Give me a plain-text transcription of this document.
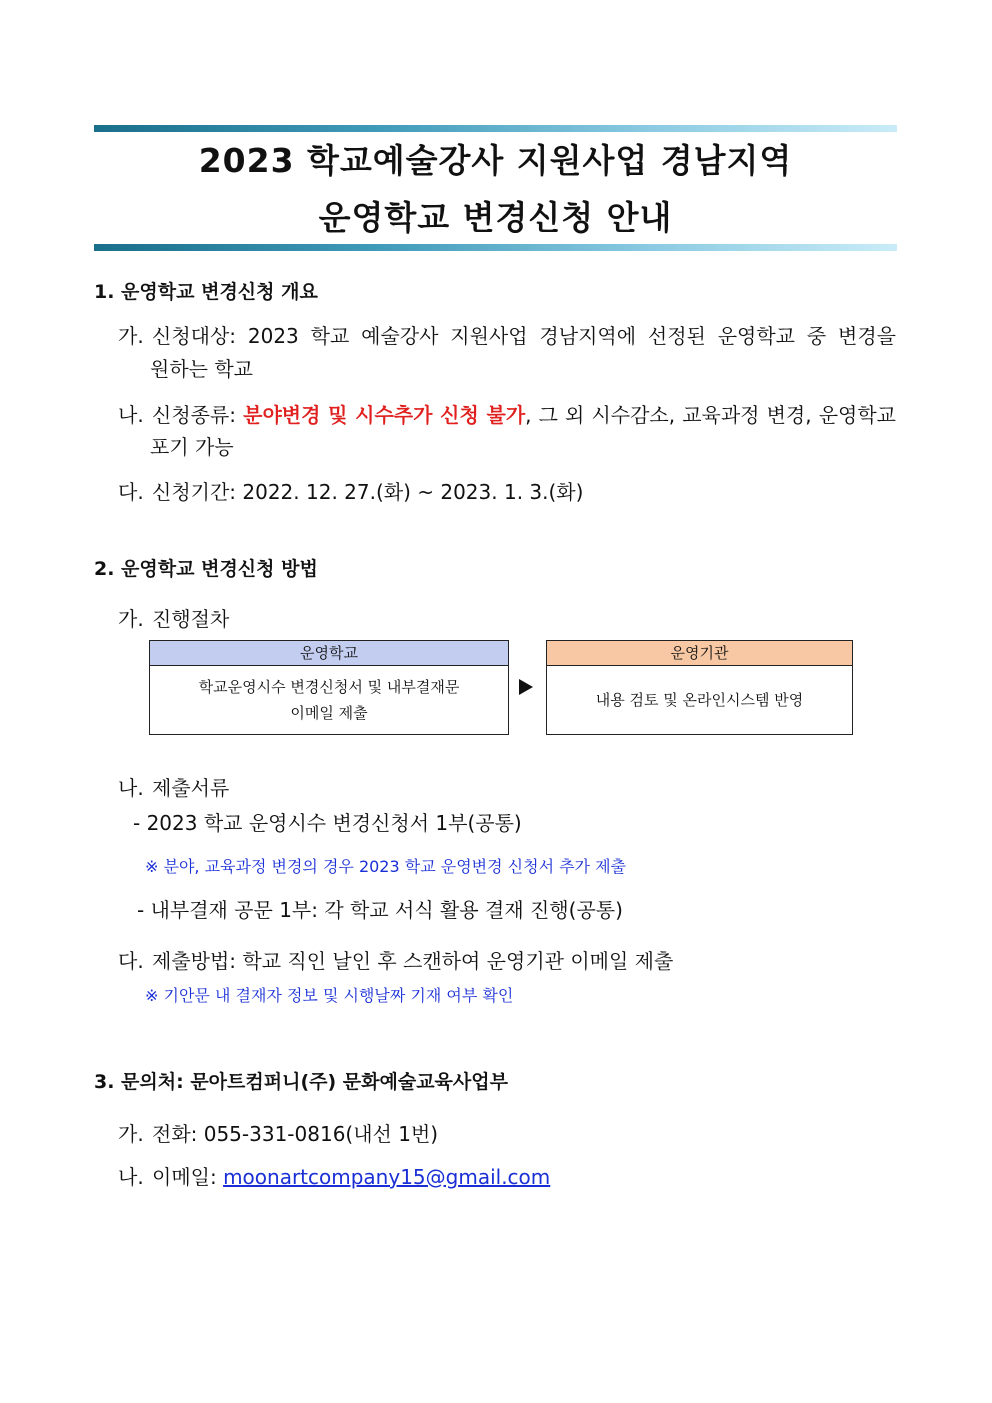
2023 학교예술강사 지원사업 경남지역
운영학교 변경신청 안내
1. 운영학교 변경신청 개요
가. 신청대상: 2023 학교 예술강사 지원사업 경남지역에 선정된 운영학교 중 변경을
원하는 학교
나. 신청종류: 분야변경 및 시수추가 신청 불가, 그 외 시수감소, 교육과정 변경, 운영학교
포기 가능
다. 신청기간: 2022. 12. 27.(화) ~ 2023. 1. 3.(화)
2. 운영학교 변경신청 방법
가. 진행절차
운영학교
학교운영시수 변경신청서 및 내부결재문
이메일 제출
운영기관
내용 검토 및 온라인시스템 반영
나. 제출서류
- 2023 학교 운영시수 변경신청서 1부(공통)
※ 분야, 교육과정 변경의 경우 2023 학교 운영변경 신청서 추가 제출
- 내부결재 공문 1부: 각 학교 서식 활용 결재 진행(공통)
다. 제출방법: 학교 직인 날인 후 스캔하여 운영기관 이메일 제출
※ 기안문 내 결재자 정보 및 시행날짜 기재 여부 확인
3. 문의처: 문아트컴퍼니(주) 문화예술교육사업부
가. 전화: 055-331-0816(내선 1번)
나. 이메일: moonartcompany15@gmail.com
